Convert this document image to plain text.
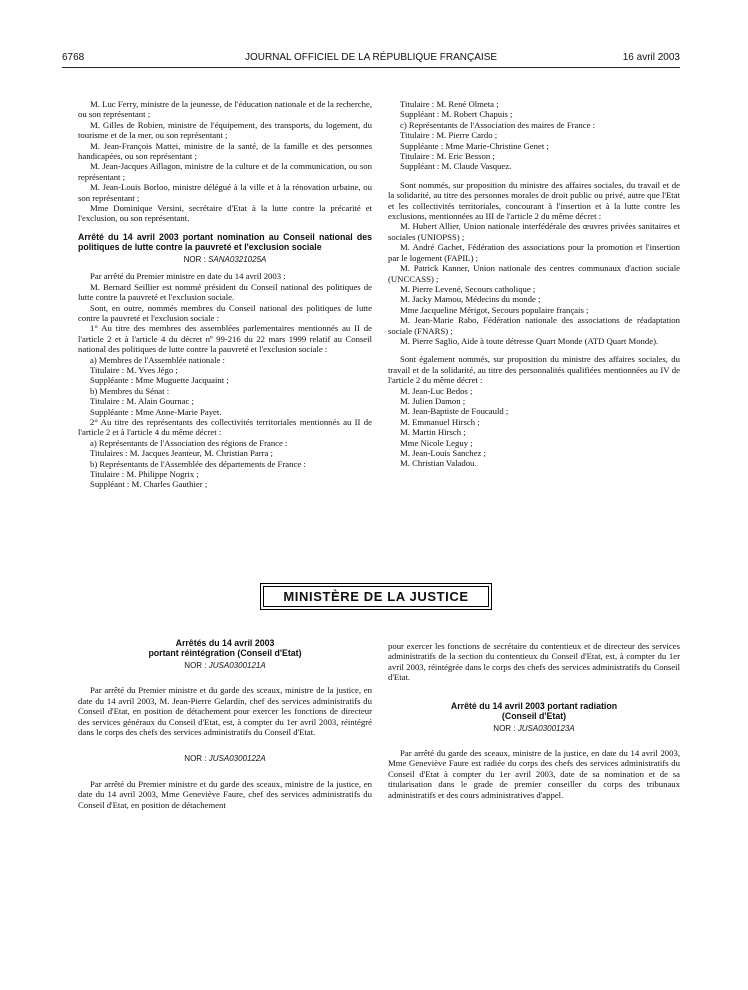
6768	JOURNAL OFFICIEL DE LA RÉPUBLIQUE FRANÇAISE	16 avril 2003

M. Luc Ferry, ministre de la jeunesse, de l'éducation nationale et de la recherche, ou son représentant ;

M. Gilles de Robien, ministre de l'équipement, des transports, du logement, du tourisme et de la mer, ou son représentant ;

M. Jean-François Mattei, ministre de la santé, de la famille et des personnes handicapées, ou son représentant ;

M. Jean-Jacques Aillagon, ministre de la culture et de la communication, ou son représentant ;

M. Jean-Louis Borloo, ministre délégué à la ville et à la rénovation urbaine, ou son représentant ;

Mme Dominique Versini, secrétaire d'Etat à la lutte contre la précarité et l'exclusion, ou son représentant.

Arrêté du 14 avril 2003 portant nomination au Conseil national des politiques de lutte contre la pauvreté et l'exclusion sociale

NOR : SANA0321025A

Par arrêté du Premier ministre en date du 14 avril 2003 :

M. Bernard Seillier est nommé président du Conseil national des politiques de lutte contre la pauvreté et l'exclusion sociale.

Sont, en outre, nommés membres du Conseil national des politiques de lutte contre la pauvreté et l'exclusion sociale :

1° Au titre des membres des assemblées parlementaires mentionnés au II de l'article 2 et à l'article 4 du décret nº 99-216 du 22 mars 1999 relatif au Conseil national des politiques de lutte contre la pauvreté et l'exclusion sociale :

a) Membres de l'Assemblée nationale :

Titulaire : M. Yves Jégo ;

Suppléante : Mme Muguette Jacquaint ;

b) Membres du Sénat :

Titulaire : M. Alain Gournac ;

Suppléante : Mme Anne-Marie Payet.

2° Au titre des représentants des collectivités territoriales mentionnés au II de l'article 2 et à l'article 4 du même décret :

a) Représentants de l'Association des régions de France :

Titulaires : M. Jacques Jeanteur, M. Christian Parra ;

b) Représentants de l'Assemblée des départements de France :

Titulaire : M. Philippe Nogrix ;

Suppléant : M. Charles Gauthier ;

Titulaire : M. René Olmeta ;

Suppléant : M. Robert Chapuis ;

c) Représentants de l'Association des maires de France :

Titulaire : M. Pierre Cardo ;

Suppléante : Mme Marie-Christine Genet ;

Titulaire : M. Eric Besson ;

Suppléant : M. Claude Vasquez.

Sont nommés, sur proposition du ministre des affaires sociales, du travail et de la solidarité, au titre des personnes morales de droit public ou privé, autre que l'Etat et les collectivités territoriales, concourant à l'insertion et à la lutte contre les exclusions, mentionnées au III de l'article 2 du même décret :

M. Hubert Allier, Union nationale interfédérale des œuvres privées sanitaires et sociales (UNIOPSS) ;

M. André Gachet, Fédération des associations pour la promotion et l'insertion par le logement (FAPIL) ;

M. Patrick Kanner, Union nationale des centres communaux d'action sociale (UNCCASS) ;

M. Pierre Levené, Secours catholique ;

M. Jacky Mamou, Médecins du monde ;

Mme Jacqueline Mérigot, Secours populaire français ;

M. Jean-Marie Rabo, Fédération nationale des associations de réadaptation sociale (FNARS) ;

M. Pierre Saglio, Aide à toute détresse Quart Monde (ATD Quart Monde).

Sont également nommés, sur proposition du ministre des affaires sociales, du travail et de la solidarité, au titre des personnalités qualifiées mentionnées au IV de l'article 2 du même décret :

M. Jean-Luc Bedos ;

M. Julien Damon ;

M. Jean-Baptiste de Foucauld ;

M. Emmanuel Hirsch ;

M. Martin Hirsch ;

Mme Nicole Leguy ;

M. Jean-Louis Sanchez ;

M. Christian Valadou.

MINISTÈRE DE LA JUSTICE

Arrêtés du 14 avril 2003

portant réintégration (Conseil d'Etat)

NOR : JUSA0300121A

Par arrêté du Premier ministre et du garde des sceaux, ministre de la justice, en date du 14 avril 2003, M. Jean-Pierre Gelardin, chef des services administratifs du Conseil d'Etat, en position de détachement pour exercer les fonctions de directeur des services généraux du Conseil d'Etat, est, à compter du 1er avril 2003, réintégré dans le corps des chefs des services administratifs du Conseil d'Etat.

NOR : JUSA0300122A

Par arrêté du Premier ministre et du garde des sceaux, ministre de la justice, en date du 14 avril 2003, Mme Geneviève Faure, chef des services administratifs du Conseil d'Etat, en position de détachement

pour exercer les fonctions de secrétaire du contentieux et de directeur des services administratifs de la section du contentieux du Conseil d'Etat, est, à compter du 1er avril 2003, réintégrée dans le corps des chefs des services administratifs du Conseil d'Etat.

Arrêté du 14 avril 2003 portant radiation

(Conseil d'Etat)

NOR : JUSA0300123A

Par arrêté du garde des sceaux, ministre de la justice, en date du 14 avril 2003, Mme Geneviève Faure est radiée du corps des chefs des services administratifs du Conseil d'Etat à compter du 1er avril 2003, date de sa nomination et de sa titularisation dans le grade de premier conseiller du corps des tribunaux administratifs et des cours administratives d'appel.
